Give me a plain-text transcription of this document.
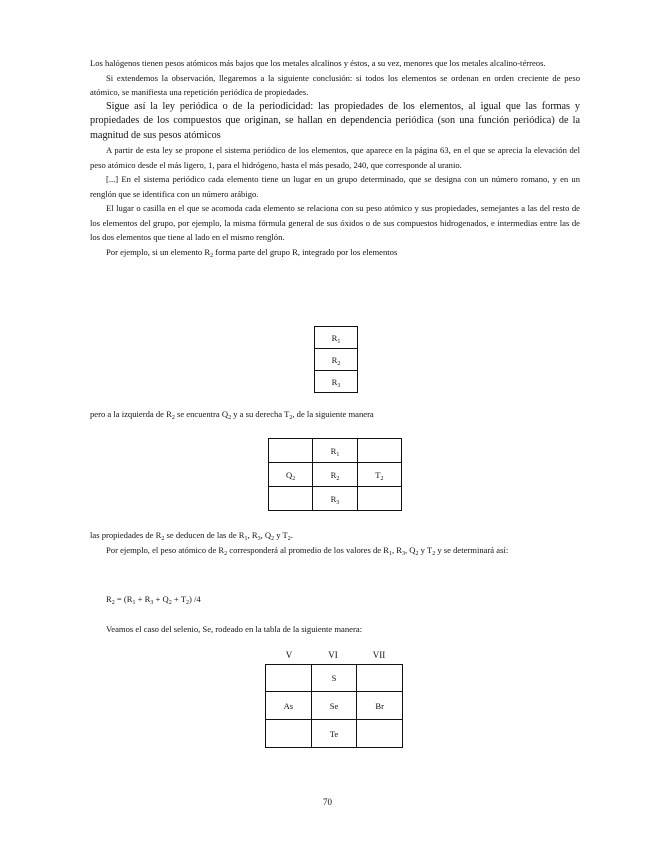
Los halógenos tienen pesos atómicos más bajos que los metales alcalinos y éstos, a su vez, menores que los metales alcalino-térreos.

Si extendemos la observación, llegaremos a la siguiente conclusión: si todos los elementos se ordenan en orden creciente de peso atómico, se manifiesta una repetición periódica de propiedades.

Sigue así la ley periódica o de la periodicidad: las propiedades de los elementos, al igual que las formas y propiedades de los compuestos que originan, se hallan en dependencia periódica (son una función periódica) de la magnitud de sus pesos atómicos

A partir de esta ley se propone el sistema periódico de los elementos, que aparece en la página 63, en el que se aprecia la elevación del peso atómico desde el más ligero, 1, para el hidrógeno, hasta el más pesado, 240, que corresponde al uranio.

[...] En el sistema periódico cada elemento tiene un lugar en un grupo determinado, que se designa con un número romano, y en un renglón que se identifica con un número arábigo.

El lugar o casilla en el que se acomoda cada elemento se relaciona con su peso atómico y sus propiedades, semejantes a las del resto de los elementos del grupo, por ejemplo, la misma fórmula general de sus óxidos o de sus compuestos hidrogenados, e intermedias entre las de los dos elementos que tiene al lado en el mismo renglón.

Por ejemplo, si un elemento $R_2$ forma parte del grupo R, integrado por los elementos

$R_1$
$R_2$
$R_3$

pero a la izquierda de $R_2$ se encuentra $Q_2$ y a su derecha $T_2$, de la siguiente manera

	$R_1$	
$Q_2$	$R_2$	$T_2$
	$R_3$	

las propiedades de $R_2$ se deducen de las de $R_1$, $R_3$, $Q_2$ y $T_2$.

Por ejemplo, el peso atómico de $R_2$ corresponderá al promedio de los valores de $R_1$, $R_3$, $Q_2$ y $T_2$ y se determinará así:

$R_2 = (R_1 + R_3 + Q_2 + T_2)$ /4

Veamos el caso del selenio, Se, rodeado en la tabla de la siguiente manera:

V	VI	VII
	S	
As	Se	Br
	Te	
70
